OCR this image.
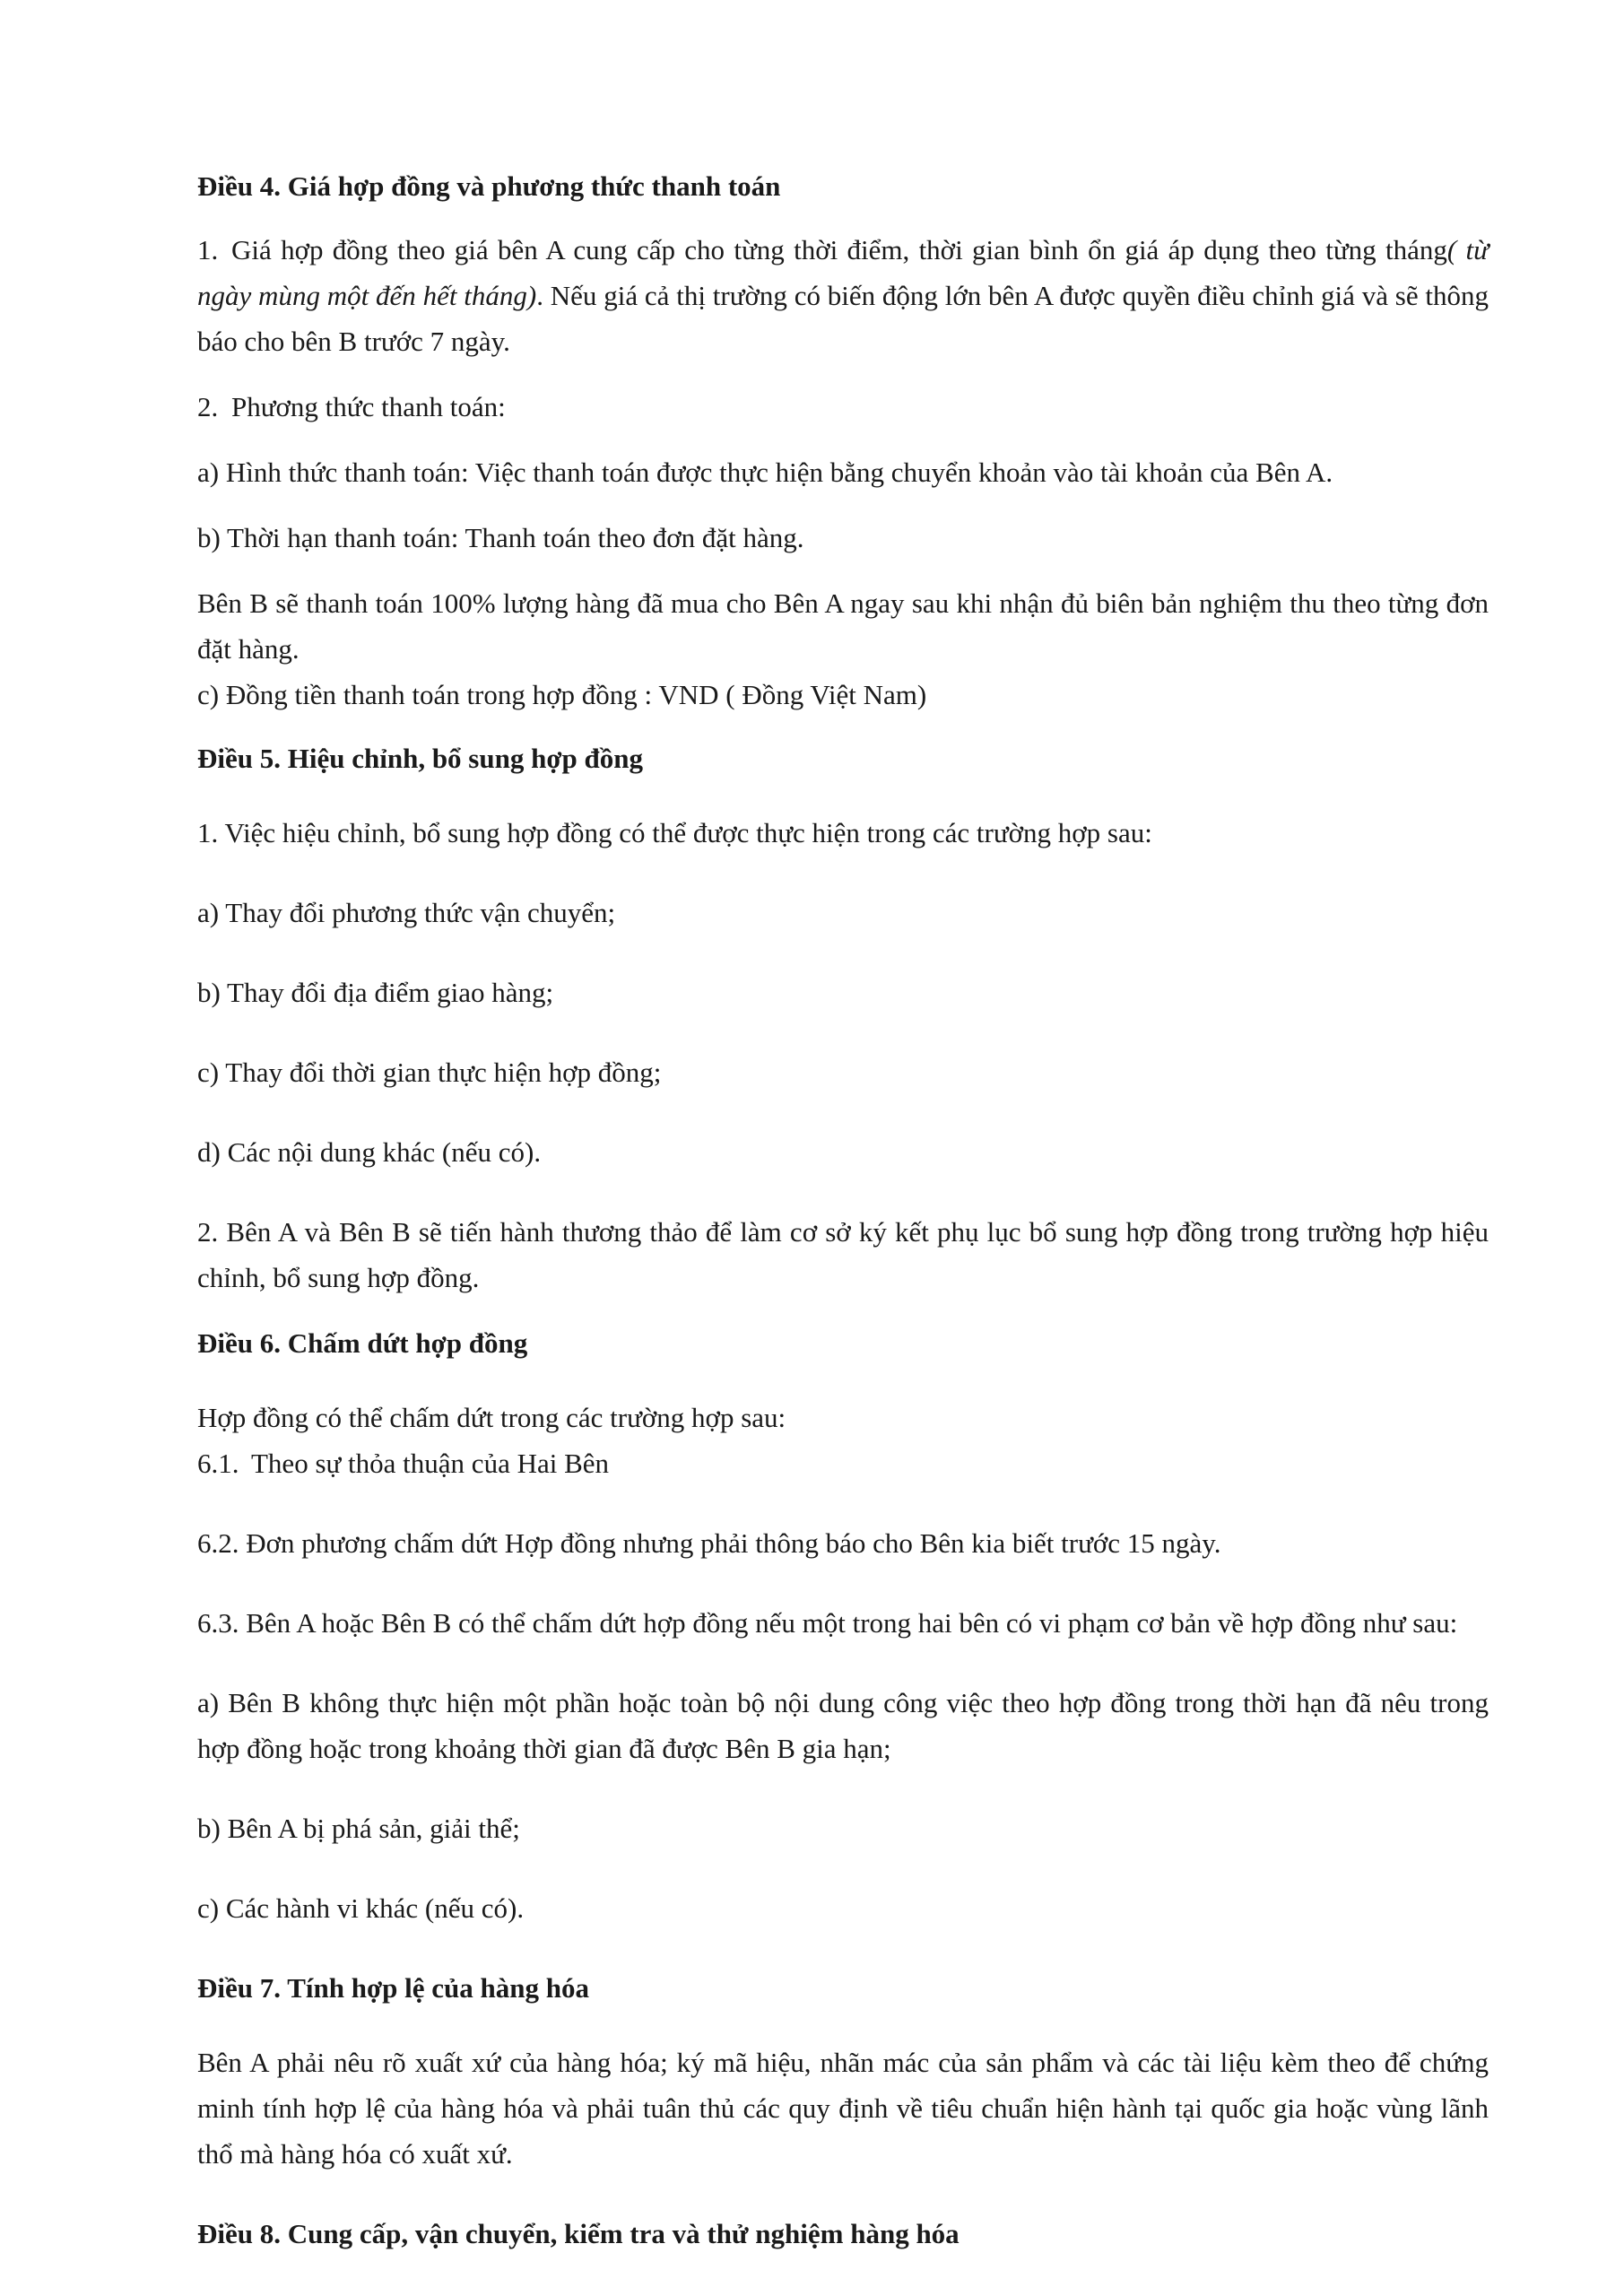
Điều 4. Giá hợp đồng và phương thức thanh toán
1. Giá hợp đồng theo giá bên A cung cấp cho từng thời điểm, thời gian bình ổn giá áp dụng theo từng tháng( từ ngày mùng một đến hết tháng). Nếu giá cả thị trường có biến động lớn bên A được quyền điều chỉnh giá và sẽ thông báo cho bên B trước 7 ngày.
2. Phương thức thanh toán:
a) Hình thức thanh toán: Việc thanh toán được thực hiện bằng chuyển khoản vào tài khoản của Bên A.
b) Thời hạn thanh toán: Thanh toán theo đơn đặt hàng.
Bên B sẽ thanh toán 100% lượng hàng đã mua cho Bên A ngay sau khi nhận đủ biên bản nghiệm thu theo từng đơn đặt hàng.
c) Đồng tiền thanh toán trong hợp đồng : VND ( Đồng Việt Nam)
Điều 5. Hiệu chỉnh, bổ sung hợp đồng
1. Việc hiệu chỉnh, bổ sung hợp đồng có thể được thực hiện trong các trường hợp sau:
a) Thay đổi phương thức vận chuyển;
b) Thay đổi địa điểm giao hàng;
c) Thay đổi thời gian thực hiện hợp đồng;
d) Các nội dung khác (nếu có).
2. Bên A và Bên B sẽ tiến hành thương thảo để làm cơ sở ký kết phụ lục bổ sung hợp đồng trong trường hợp hiệu chỉnh, bổ sung hợp đồng.
Điều 6. Chấm dứt hợp đồng
Hợp đồng có thể chấm dứt trong các trường hợp sau:
6.1. Theo sự thỏa thuận của Hai Bên
6.2. Đơn phương chấm dứt Hợp đồng nhưng phải thông báo cho Bên kia biết trước 15 ngày.
6.3. Bên A hoặc Bên B có thể chấm dứt hợp đồng nếu một trong hai bên có vi phạm cơ bản về hợp đồng như sau:
a) Bên B không thực hiện một phần hoặc toàn bộ nội dung công việc theo hợp đồng trong thời hạn đã nêu trong hợp đồng hoặc trong khoảng thời gian đã được Bên B gia hạn;
b) Bên A bị phá sản, giải thể;
c) Các hành vi khác (nếu có).
Điều 7. Tính hợp lệ của hàng hóa
Bên A phải nêu rõ xuất xứ của hàng hóa; ký mã hiệu, nhãn mác của sản phẩm và các tài liệu kèm theo để chứng minh tính hợp lệ của hàng hóa và phải tuân thủ các quy định về tiêu chuẩn hiện hành tại quốc gia hoặc vùng lãnh thổ mà hàng hóa có xuất xứ.
Điều 8. Cung cấp, vận chuyển, kiểm tra và thử nghiệm hàng hóa
